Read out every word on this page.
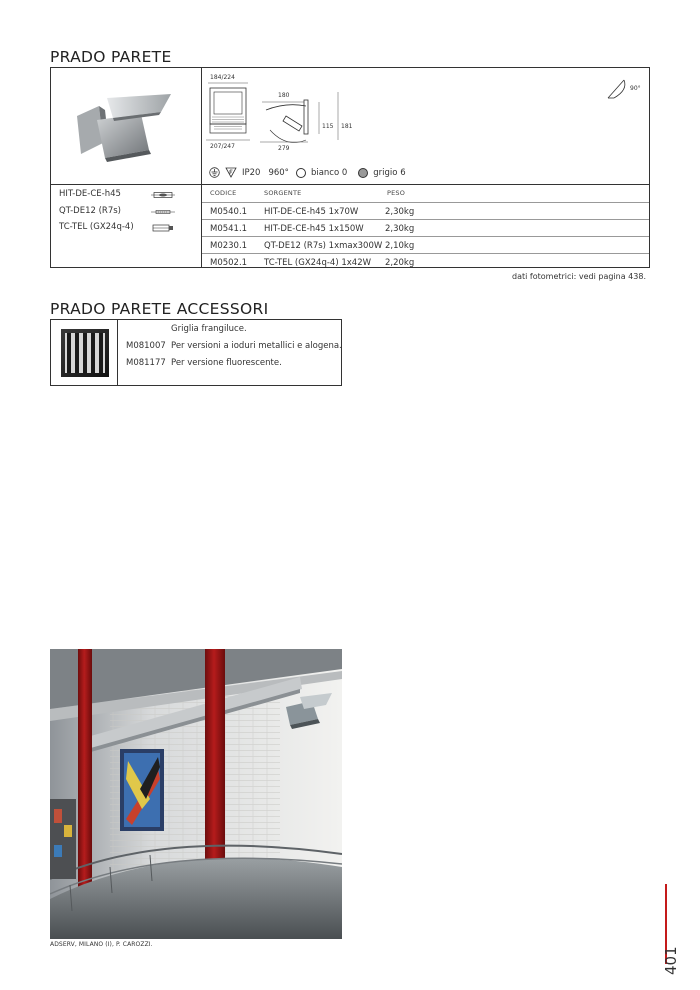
PRADO PARETE
184/224
207/247
180
279
115 181
90°
IP20 960°	bianco 0	grigio 6
HIT-DE-CE-h45
QT-DE12 (R7s)
TC-TEL (GX24q-4)
CODICE	SORGENTE	PESO
M0540.1 HIT-DE-CE-h45 1x70W	2,30kg
M0541.1 HIT-DE-CE-h45 1x150W	2,30kg
M0230.1 QT-DE12 (R7s) 1xmax300W 2,10kg
M0502.1 TC-TEL (GX24q-4) 1x42W 2,20kg
dati fotometrici: vedi pagina 438.
PRADO PARETE ACCESSORI
Griglia frangiluce.
M081007 Per versioni a ioduri metallici e alogena.
M081177 Per versione fluorescente.
ADSERV, MILANO (I), P. CAROZZI.
401
